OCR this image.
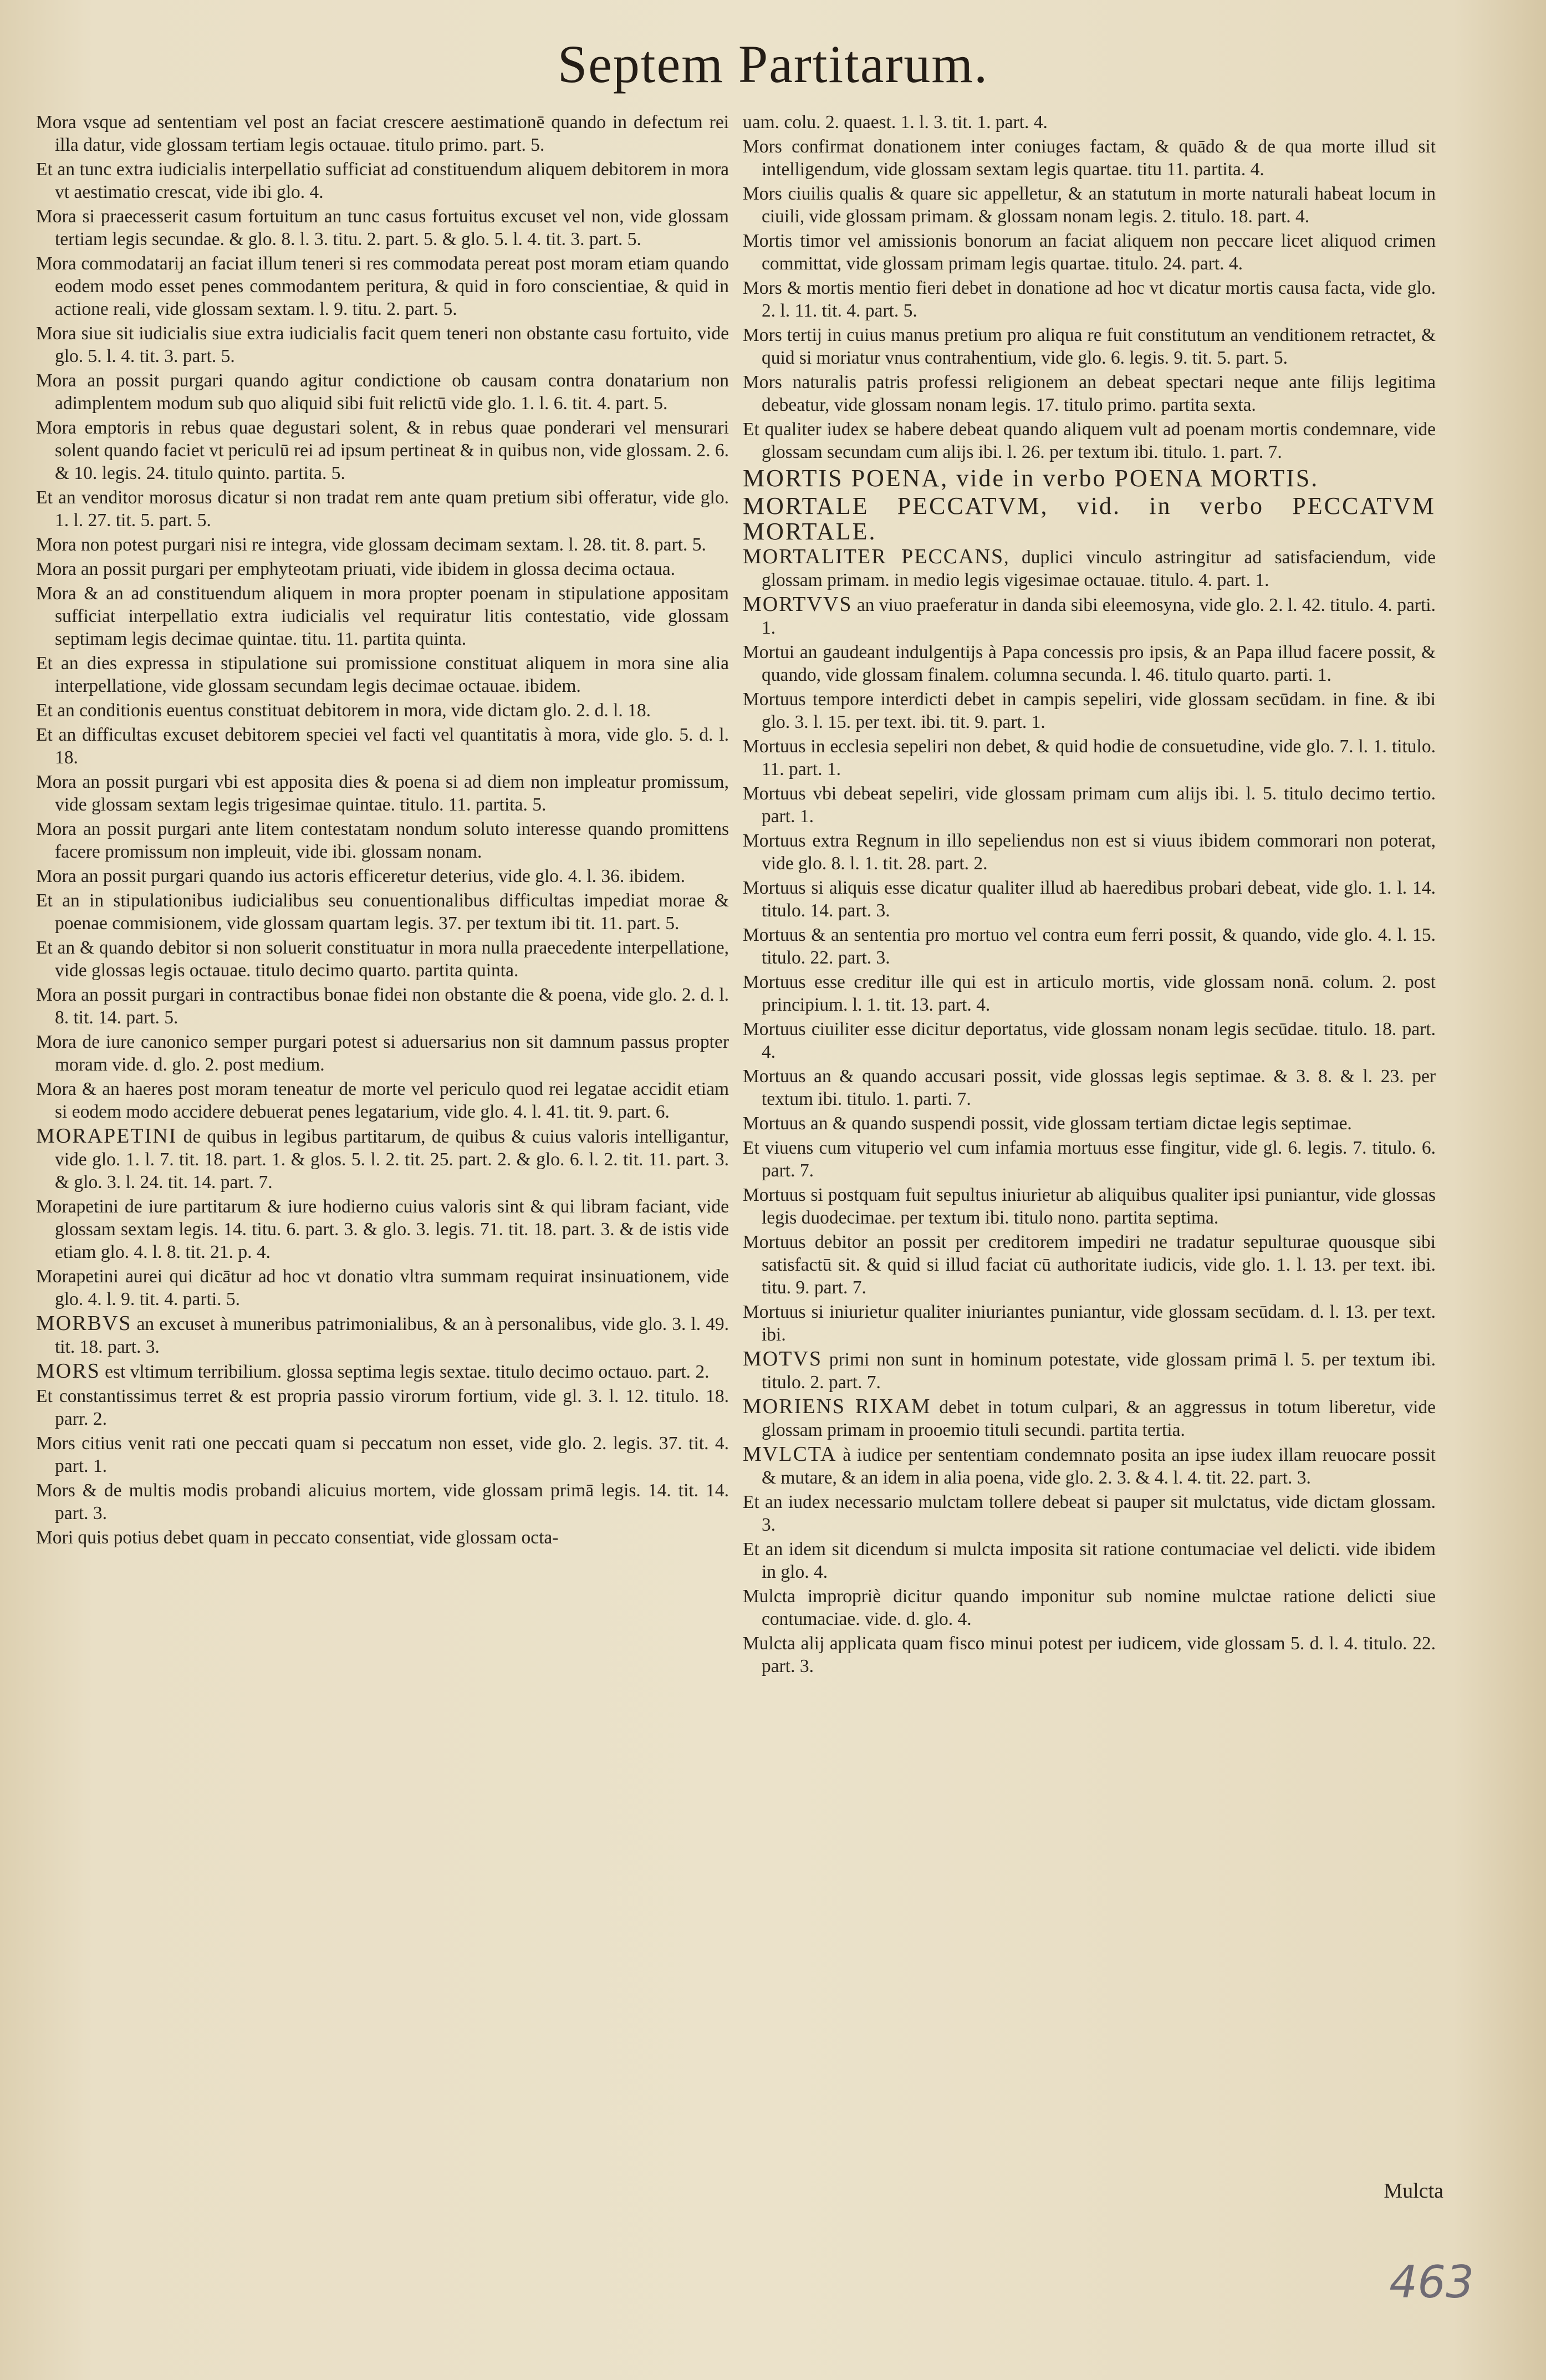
Septem Partitarum.
Mora vsque ad sententiam vel post an faciat crescere aestimationē quando in defectum rei illa datur, vide glossam tertiam legis octauae. titulo primo. part. 5.
Et an tunc extra iudicialis interpellatio sufficiat ad constituendum aliquem debitorem in mora vt aestimatio crescat, vide ibi glo. 4.
Mora si praecesserit casum fortuitum an tunc casus fortuitus excuset vel non, vide glossam tertiam legis secundae. & glo. 8. l. 3. titu. 2. part. 5. & glo. 5. l. 4. tit. 3. part. 5.
Mora commodatarij an faciat illum teneri si res commodata pereat post moram etiam quando eodem modo esset penes commodantem peritura, & quid in foro conscientiae, & quid in actione reali, vide glossam sextam. l. 9. titu. 2. part. 5.
Mora siue sit iudicialis siue extra iudicialis facit quem teneri non obstante casu fortuito, vide glo. 5. l. 4. tit. 3. part. 5.
Mora an possit purgari quando agitur condictione ob causam contra donatarium non adimplentem modum sub quo aliquid sibi fuit relictū vide glo. 1. l. 6. tit. 4. part. 5.
Mora emptoris in rebus quae degustari solent, & in rebus quae ponderari vel mensurari solent quando faciet vt periculū rei ad ipsum pertineat & in quibus non, vide glossam. 2. 6. & 10. legis. 24. titulo quinto. partita. 5.
Et an venditor morosus dicatur si non tradat rem ante quam pretium sibi offeratur, vide glo. 1. l. 27. tit. 5. part. 5.
Mora non potest purgari nisi re integra, vide glossam decimam sextam. l. 28. tit. 8. part. 5.
Mora an possit purgari per emphyteotam priuati, vide ibidem in glossa decima octaua.
Mora & an ad constituendum aliquem in mora propter poenam in stipulatione appositam sufficiat interpellatio extra iudicialis vel requiratur litis contestatio, vide glossam septimam legis decimae quintae. titu. 11. partita quinta.
Et an dies expressa in stipulatione sui promissione constituat aliquem in mora sine alia interpellatione, vide glossam secundam legis decimae octauae. ibidem.
Et an conditionis euentus constituat debitorem in mora, vide dictam glo. 2. d. l. 18.
Et an difficultas excuset debitorem speciei vel facti vel quantitatis à mora, vide glo. 5. d. l. 18.
Mora an possit purgari vbi est apposita dies & poena si ad diem non impleatur promissum, vide glossam sextam legis trigesimae quintae. titulo. 11. partita. 5.
Mora an possit purgari ante litem contestatam nondum soluto interesse quando promittens facere promissum non impleuit, vide ibi. glossam nonam.
Mora an possit purgari quando ius actoris efficeretur deterius, vide glo. 4. l. 36. ibidem.
Et an in stipulationibus iudicialibus seu conuentionalibus difficultas impediat morae & poenae commisionem, vide glossam quartam legis. 37. per textum ibi tit. 11. part. 5.
Et an & quando debitor si non soluerit constituatur in mora nulla praecedente interpellatione, vide glossas legis octauae. titulo decimo quarto. partita quinta.
Mora an possit purgari in contractibus bonae fidei non obstante die & poena, vide glo. 2. d. l. 8. tit. 14. part. 5.
Mora de iure canonico semper purgari potest si aduersarius non sit damnum passus propter moram vide. d. glo. 2. post medium.
Mora & an haeres post moram teneatur de morte vel periculo quod rei legatae accidit etiam si eodem modo accidere debuerat penes legatarium, vide glo. 4. l. 41. tit. 9. part. 6.
MORAPETINI de quibus in legibus partitarum, de quibus & cuius valoris intelligantur, vide glo. 1. l. 7. tit. 18. part. 1. & glos. 5. l. 2. tit. 25. part. 2. & glo. 6. l. 2. tit. 11. part. 3. & glo. 3. l. 24. tit. 14. part. 7.
Morapetini de iure partitarum & iure hodierno cuius valoris sint & qui libram faciant, vide glossam sextam legis. 14. titu. 6. part. 3. & glo. 3. legis. 71. tit. 18. part. 3. & de istis vide etiam glo. 4. l. 8. tit. 21. p. 4.
Morapetini aurei qui dicātur ad hoc vt donatio vltra summam requirat insinuationem, vide glo. 4. l. 9. tit. 4. parti. 5.
MORBVS an excuset à muneribus patrimonialibus, & an à personalibus, vide glo. 3. l. 49. tit. 18. part. 3.
MORS est vltimum terribilium. glossa septima legis sextae. titulo decimo octauo. part. 2.
Et constantissimus terret & est propria passio virorum fortium, vide gl. 3. l. 12. titulo. 18. parr. 2.
Mors citius venit rati one peccati quam si peccatum non esset, vide glo. 2. legis. 37. tit. 4. part. 1.
Mors & de multis modis probandi alicuius mortem, vide glossam primā legis. 14. tit. 14. part. 3.
Mori quis potius debet quam in peccato consentiat, vide glossam octa-
uam. colu. 2. quaest. 1. l. 3. tit. 1. part. 4.
Mors confirmat donationem inter coniuges factam, & quādo & de qua morte illud sit intelligendum, vide glossam sextam legis quartae. titu 11. partita. 4.
Mors ciuilis qualis & quare sic appelletur, & an statutum in morte naturali habeat locum in ciuili, vide glossam primam. & glossam nonam legis. 2. titulo. 18. part. 4.
Mortis timor vel amissionis bonorum an faciat aliquem non peccare licet aliquod crimen committat, vide glossam primam legis quartae. titulo. 24. part. 4.
Mors & mortis mentio fieri debet in donatione ad hoc vt dicatur mortis causa facta, vide glo. 2. l. 11. tit. 4. part. 5.
Mors tertij in cuius manus pretium pro aliqua re fuit constitutum an venditionem retractet, & quid si moriatur vnus contrahentium, vide glo. 6. legis. 9. tit. 5. part. 5.
Mors naturalis patris professi religionem an debeat spectari neque ante filijs legitima debeatur, vide glossam nonam legis. 17. titulo primo. partita sexta.
Et qualiter iudex se habere debeat quando aliquem vult ad poenam mortis condemnare, vide glossam secundam cum alijs ibi. l. 26. per textum ibi. titulo. 1. part. 7.
MORTIS POENA, vide in verbo POENA MORTIS.
MORTALE PECCATVM, vid. in verbo PECCATVM MORTALE.
MORTALITER PECCANS, duplici vinculo astringitur ad satisfaciendum, vide glossam primam. in medio legis vigesimae octauae. titulo. 4. part. 1.
MORTVVS an viuo praeferatur in danda sibi eleemosyna, vide glo. 2. l. 42. titulo. 4. parti. 1.
Mortui an gaudeant indulgentijs à Papa concessis pro ipsis, & an Papa illud facere possit, & quando, vide glossam finalem. columna secunda. l. 46. titulo quarto. parti. 1.
Mortuus tempore interdicti debet in campis sepeliri, vide glossam secūdam. in fine. & ibi glo. 3. l. 15. per text. ibi. tit. 9. part. 1.
Mortuus in ecclesia sepeliri non debet, & quid hodie de consuetudine, vide glo. 7. l. 1. titulo. 11. part. 1.
Mortuus vbi debeat sepeliri, vide glossam primam cum alijs ibi. l. 5. titulo decimo tertio. part. 1.
Mortuus extra Regnum in illo sepeliendus non est si viuus ibidem commorari non poterat, vide glo. 8. l. 1. tit. 28. part. 2.
Mortuus si aliquis esse dicatur qualiter illud ab haeredibus probari debeat, vide glo. 1. l. 14. titulo. 14. part. 3.
Mortuus & an sententia pro mortuo vel contra eum ferri possit, & quando, vide glo. 4. l. 15. titulo. 22. part. 3.
Mortuus esse creditur ille qui est in articulo mortis, vide glossam nonā. colum. 2. post principium. l. 1. tit. 13. part. 4.
Mortuus ciuiliter esse dicitur deportatus, vide glossam nonam legis secūdae. titulo. 18. part. 4.
Mortuus an & quando accusari possit, vide glossas legis septimae. & 3. 8. & l. 23. per textum ibi. titulo. 1. parti. 7.
Mortuus an & quando suspendi possit, vide glossam tertiam dictae legis septimae.
Et viuens cum vituperio vel cum infamia mortuus esse fingitur, vide gl. 6. legis. 7. titulo. 6. part. 7.
Mortuus si postquam fuit sepultus iniurietur ab aliquibus qualiter ipsi puniantur, vide glossas legis duodecimae. per textum ibi. titulo nono. partita septima.
Mortuus debitor an possit per creditorem impediri ne tradatur sepulturae quousque sibi satisfactū sit. & quid si illud faciat cū authoritate iudicis, vide glo. 1. l. 13. per text. ibi. titu. 9. part. 7.
Mortuus si iniurietur qualiter iniuriantes puniantur, vide glossam secūdam. d. l. 13. per text. ibi.
MOTVS primi non sunt in hominum potestate, vide glossam primā l. 5. per textum ibi. titulo. 2. part. 7.
MORIENS RIXAM debet in totum culpari, & an aggressus in totum liberetur, vide glossam primam in prooemio tituli secundi. partita tertia.
MVLCTA à iudice per sententiam condemnato posita an ipse iudex illam reuocare possit & mutare, & an idem in alia poena, vide glo. 2. 3. & 4. l. 4. tit. 22. part. 3.
Et an iudex necessario mulctam tollere debeat si pauper sit mulctatus, vide dictam glossam. 3.
Et an idem sit dicendum si mulcta imposita sit ratione contumaciae vel delicti. vide ibidem in glo. 4.
Mulcta impropriè dicitur quando imponitur sub nomine mulctae ratione delicti siue contumaciae. vide. d. glo. 4.
Mulcta alij applicata quam fisco minui potest per iudicem, vide glossam 5. d. l. 4. titulo. 22. part. 3.
Mulcta
463
